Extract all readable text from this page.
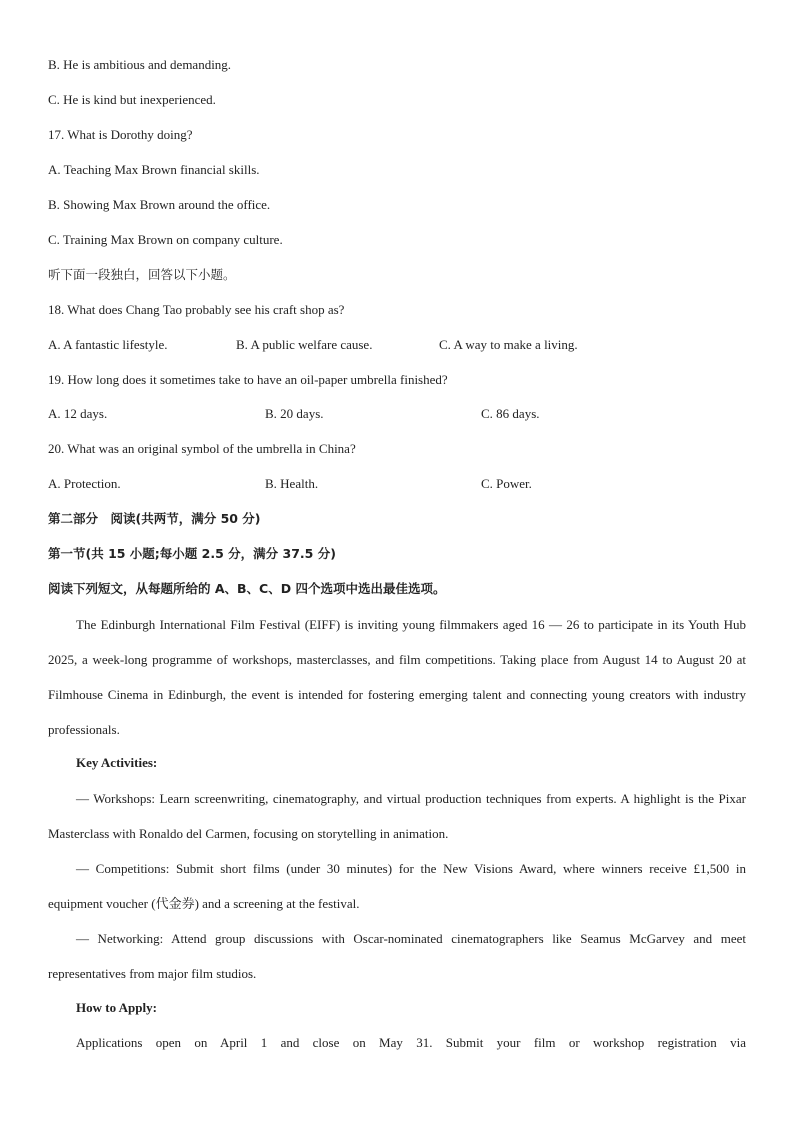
B. He is ambitious and demanding.
C. He is kind but inexperienced.
17. What is Dorothy doing?
A. Teaching Max Brown financial skills.
B. Showing Max Brown around the office.
C. Training Max Brown on company culture.
听下面一段独白，回答以下小题。
18. What does Chang Tao probably see his craft shop as?
A. A fantastic lifestyle.	B. A public welfare cause.	C. A way to make a living.
19. How long does it sometimes take to have an oil-paper umbrella finished?
A. 12 days.	B. 20 days.	C. 86 days.
20. What was an original symbol of the umbrella in China?
A. Protection.	B. Health.	C. Power.
第二部分　阅读(共两节，满分 50 分)
第一节(共 15 小题;每小题 2.5 分，满分 37.5 分)
阅读下列短文，从每题所给的 A、B、C、D 四个选项中选出最佳选项。
The Edinburgh International Film Festival (EIFF) is inviting young filmmakers aged 16 — 26 to participate in its Youth Hub 2025, a week-long programme of workshops, masterclasses, and film competitions. Taking place from August 14 to August 20 at Filmhouse Cinema in Edinburgh, the event is intended for fostering emerging talent and connecting young creators with industry professionals.
Key Activities:
— Workshops: Learn screenwriting, cinematography, and virtual production techniques from experts. A highlight is the Pixar Masterclass with Ronaldo del Carmen, focusing on storytelling in animation.
— Competitions: Submit short films (under 30 minutes) for the New Visions Award, where winners receive £1,500 in equipment voucher (代金券) and a screening at the festival.
— Networking: Attend group discussions with Oscar-nominated cinematographers like Seamus McGarvey and meet representatives from major film studios.
How to Apply:
Applications open on April 1 and close on May 31. Submit your film or workshop registration via
